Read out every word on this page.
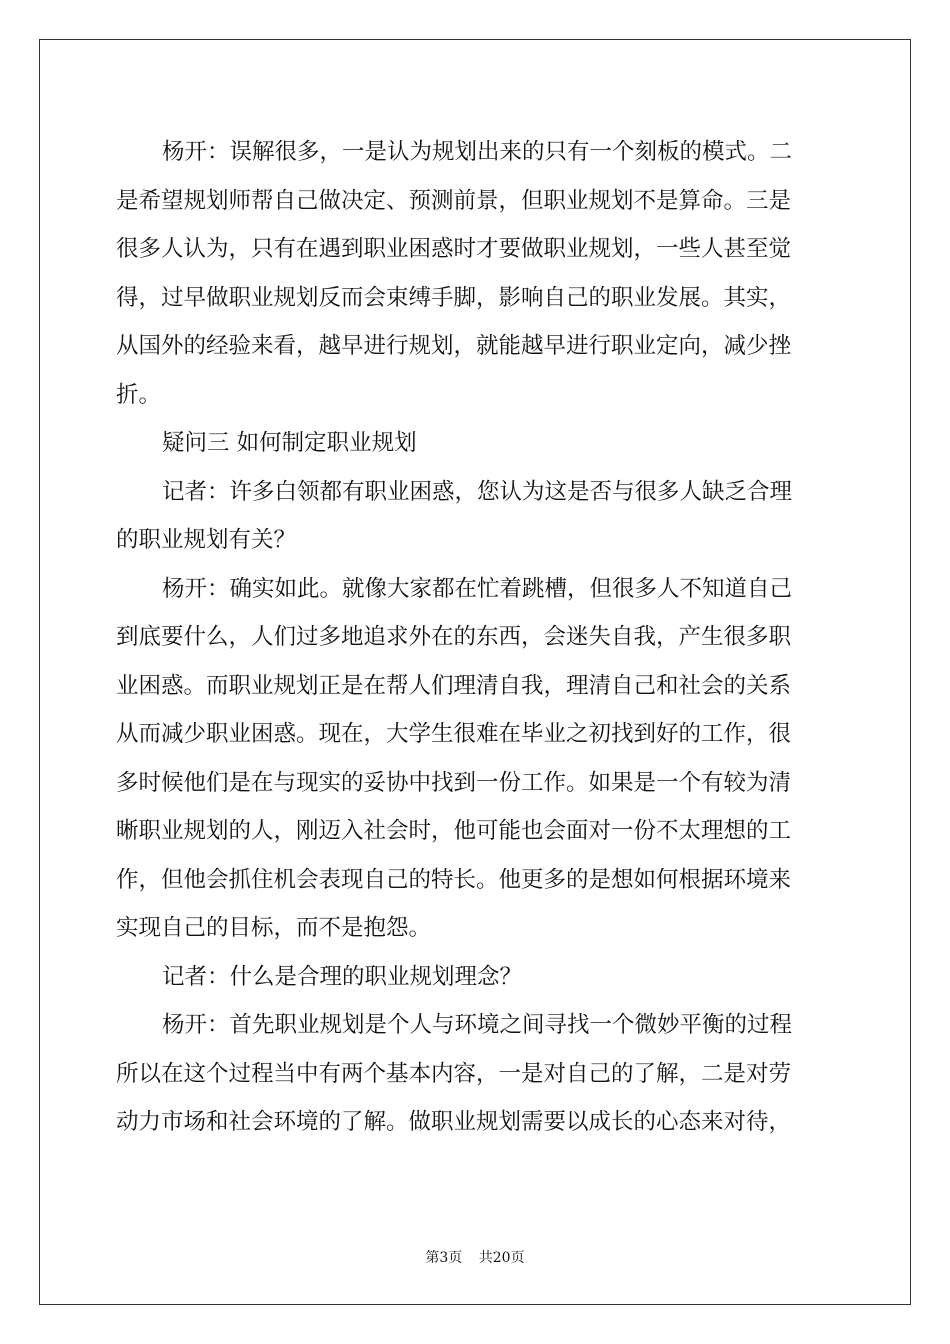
杨开：误解很多，一是认为规划出来的只有一个刻板的模式。二
是希望规划师帮自己做决定、预测前景，但职业规划不是算命。三是
很多人认为，只有在遇到职业困惑时才要做职业规划，一些人甚至觉
得，过早做职业规划反而会束缚手脚，影响自己的职业发展。其实，
从国外的经验来看，越早进行规划，就能越早进行职业定向，减少挫
折。
疑问三 如何制定职业规划
记者：许多白领都有职业困惑，您认为这是否与很多人缺乏合理
的职业规划有关？
杨开：确实如此。就像大家都在忙着跳槽，但很多人不知道自己
到底要什么，人们过多地追求外在的东西，会迷失自我，产生很多职
业困惑。而职业规划正是在帮人们理清自我，理清自己和社会的关系
从而减少职业困惑。现在，大学生很难在毕业之初找到好的工作，很
多时候他们是在与现实的妥协中找到一份工作。如果是一个有较为清
晰职业规划的人，刚迈入社会时，他可能也会面对一份不太理想的工
作，但他会抓住机会表现自己的特长。他更多的是想如何根据环境来
实现自己的目标，而不是抱怨。
记者：什么是合理的职业规划理念？
杨开：首先职业规划是个人与环境之间寻找一个微妙平衡的过程
所以在这个过程当中有两个基本内容，一是对自己的了解，二是对劳
动力市场和社会环境的了解。做职业规划需要以成长的心态来对待，
第3页 共20页
